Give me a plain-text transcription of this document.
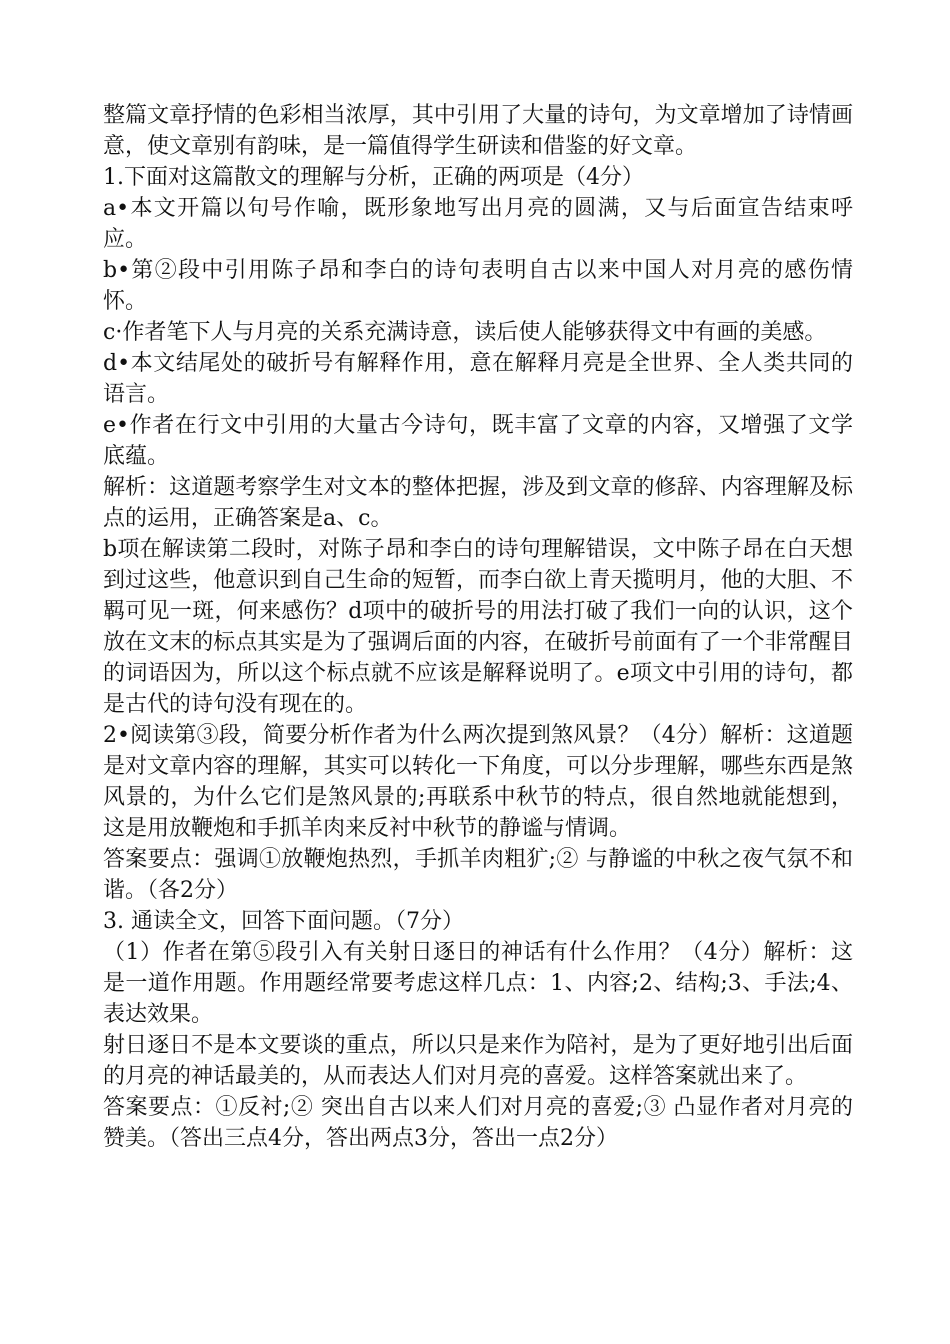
整篇文章抒情的色彩相当浓厚，其中引用了大量的诗句，为文章增加了诗情画意，使文章别有韵味，是一篇值得学生研读和借鉴的好文章。

1.下面对这篇散文的理解与分析，正确的两项是（4分）

a•本文开篇以句号作喻，既形象地写出月亮的圆满，又与后面宣告结束呼应。

b•第②段中引用陈子昂和李白的诗句表明自古以来中国人对月亮的感伤情怀。

c·作者笔下人与月亮的关系充满诗意，读后使人能够获得文中有画的美感。

d•本文结尾处的破折号有解释作用，意在解释月亮是全世界、全人类共同的语言。

e•作者在行文中引用的大量古今诗句，既丰富了文章的内容，又增强了文学底蕴。

解析：这道题考察学生对文本的整体把握，涉及到文章的修辞、内容理解及标点的运用，正确答案是a、c。

b项在解读第二段时，对陈子昂和李白的诗句理解错误，文中陈子昂在白天想到过这些，他意识到自己生命的短暂，而李白欲上青天揽明月，他的大胆、不羁可见一斑，何来感伤？d项中的破折号的用法打破了我们一向的认识，这个放在文末的标点其实是为了强调后面的内容，在破折号前面有了一个非常醒目的词语因为，所以这个标点就不应该是解释说明了。e项文中引用的诗句，都是古代的诗句没有现在的。

2•阅读第③段，简要分析作者为什么两次提到煞风景？（4分）解析：这道题是对文章内容的理解，其实可以转化一下角度，可以分步理解，哪些东西是煞风景的，为什么它们是煞风景的;再联系中秋节的特点，很自然地就能想到，这是用放鞭炮和手抓羊肉来反衬中秋节的静谧与情调。

答案要点：强调①放鞭炮热烈，手抓羊肉粗犷;② 与静谧的中秋之夜气氛不和谐。（各2分）

3. 通读全文，回答下面问题。（7分）

（1）作者在第⑤段引入有关射日逐日的神话有什么作用？（4分）解析：这是一道作用题。作用题经常要考虑这样几点：1、内容;2、结构;3、手法;4、表达效果。

射日逐日不是本文要谈的重点，所以只是来作为陪衬，是为了更好地引出后面的月亮的神话最美的，从而表达人们对月亮的喜爱。这样答案就出来了。

答案要点：①反衬;② 突出自古以来人们对月亮的喜爱;③ 凸显作者对月亮的赞美。（答出三点4分，答出两点3分，答出一点2分）
